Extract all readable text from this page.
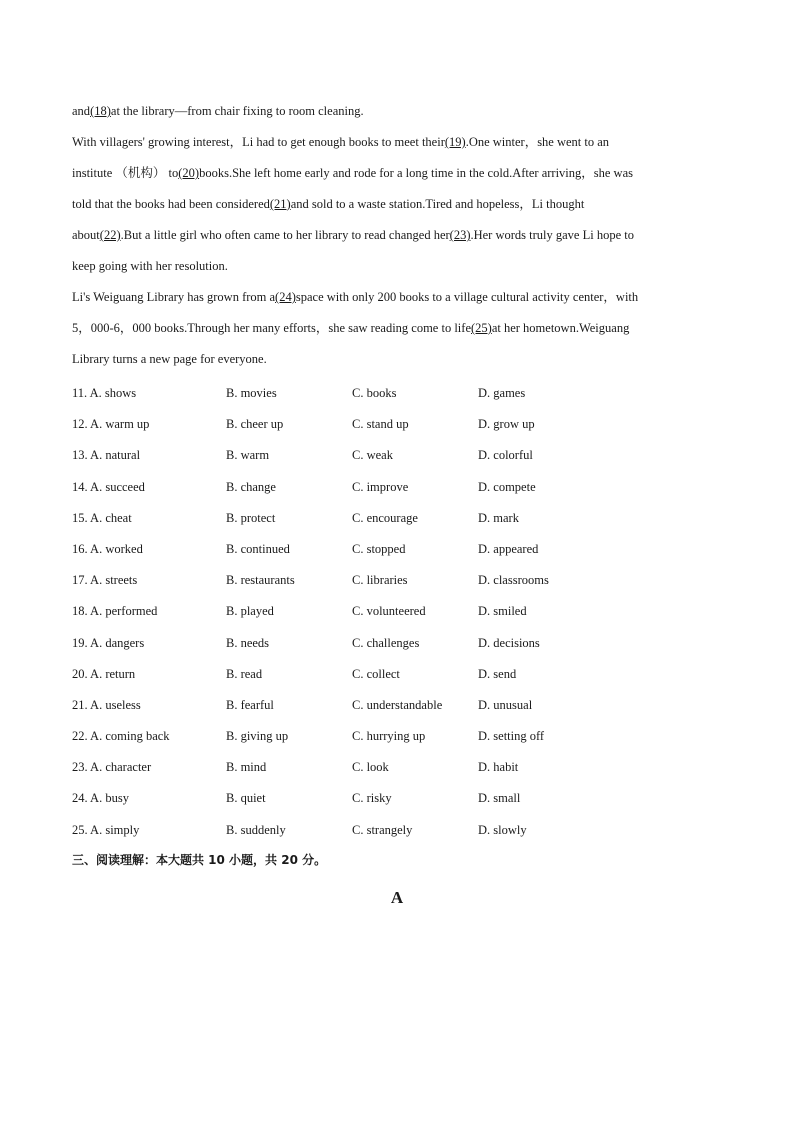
and(18)at the library—from chair fixing to room cleaning.
With villagers' growing interest，Li had to get enough books to meet their(19).One winter，she went to an
institute （机构） to(20)books.She left home early and rode for a long time in the cold.After arriving，she was
told that the books had been considered(21)and sold to a waste station.Tired and hopeless，Li thought
about(22).But a little girl who often came to her library to read changed her(23).Her words truly gave Li hope to
keep going with her resolution.
Li's Weiguang Library has grown from a(24)space with only 200 books to a village cultural activity center，with
5，000-6，000 books.Through her many efforts，she saw reading come to life(25)at her hometown.Weiguang
Library turns a new page for everyone.
11. A. shows	B. movies	C. books	D. games
12. A. warm up	B. cheer up	C. stand up	D. grow up
13. A. natural	B. warm	C. weak	D. colorful
14. A. succeed	B. change	C. improve	D. compete
15. A. cheat	B. protect	C. encourage	D. mark
16. A. worked	B. continued	C. stopped	D. appeared
17. A. streets	B. restaurants	C. libraries	D. classrooms
18. A. performed	B. played	C. volunteered	D. smiled
19. A. dangers	B. needs	C. challenges	D. decisions
20. A. return	B. read	C. collect	D. send
21. A. useless	B. fearful	C. understandable	D. unusual
22. A. coming back	B. giving up	C. hurrying up	D. setting off
23. A. character	B. mind	C. look	D. habit
24. A. busy	B. quiet	C. risky	D. small
25. A. simply	B. suddenly	C. strangely	D. slowly
三、阅读理解：本大题共 10 小题，共 20 分。
A
